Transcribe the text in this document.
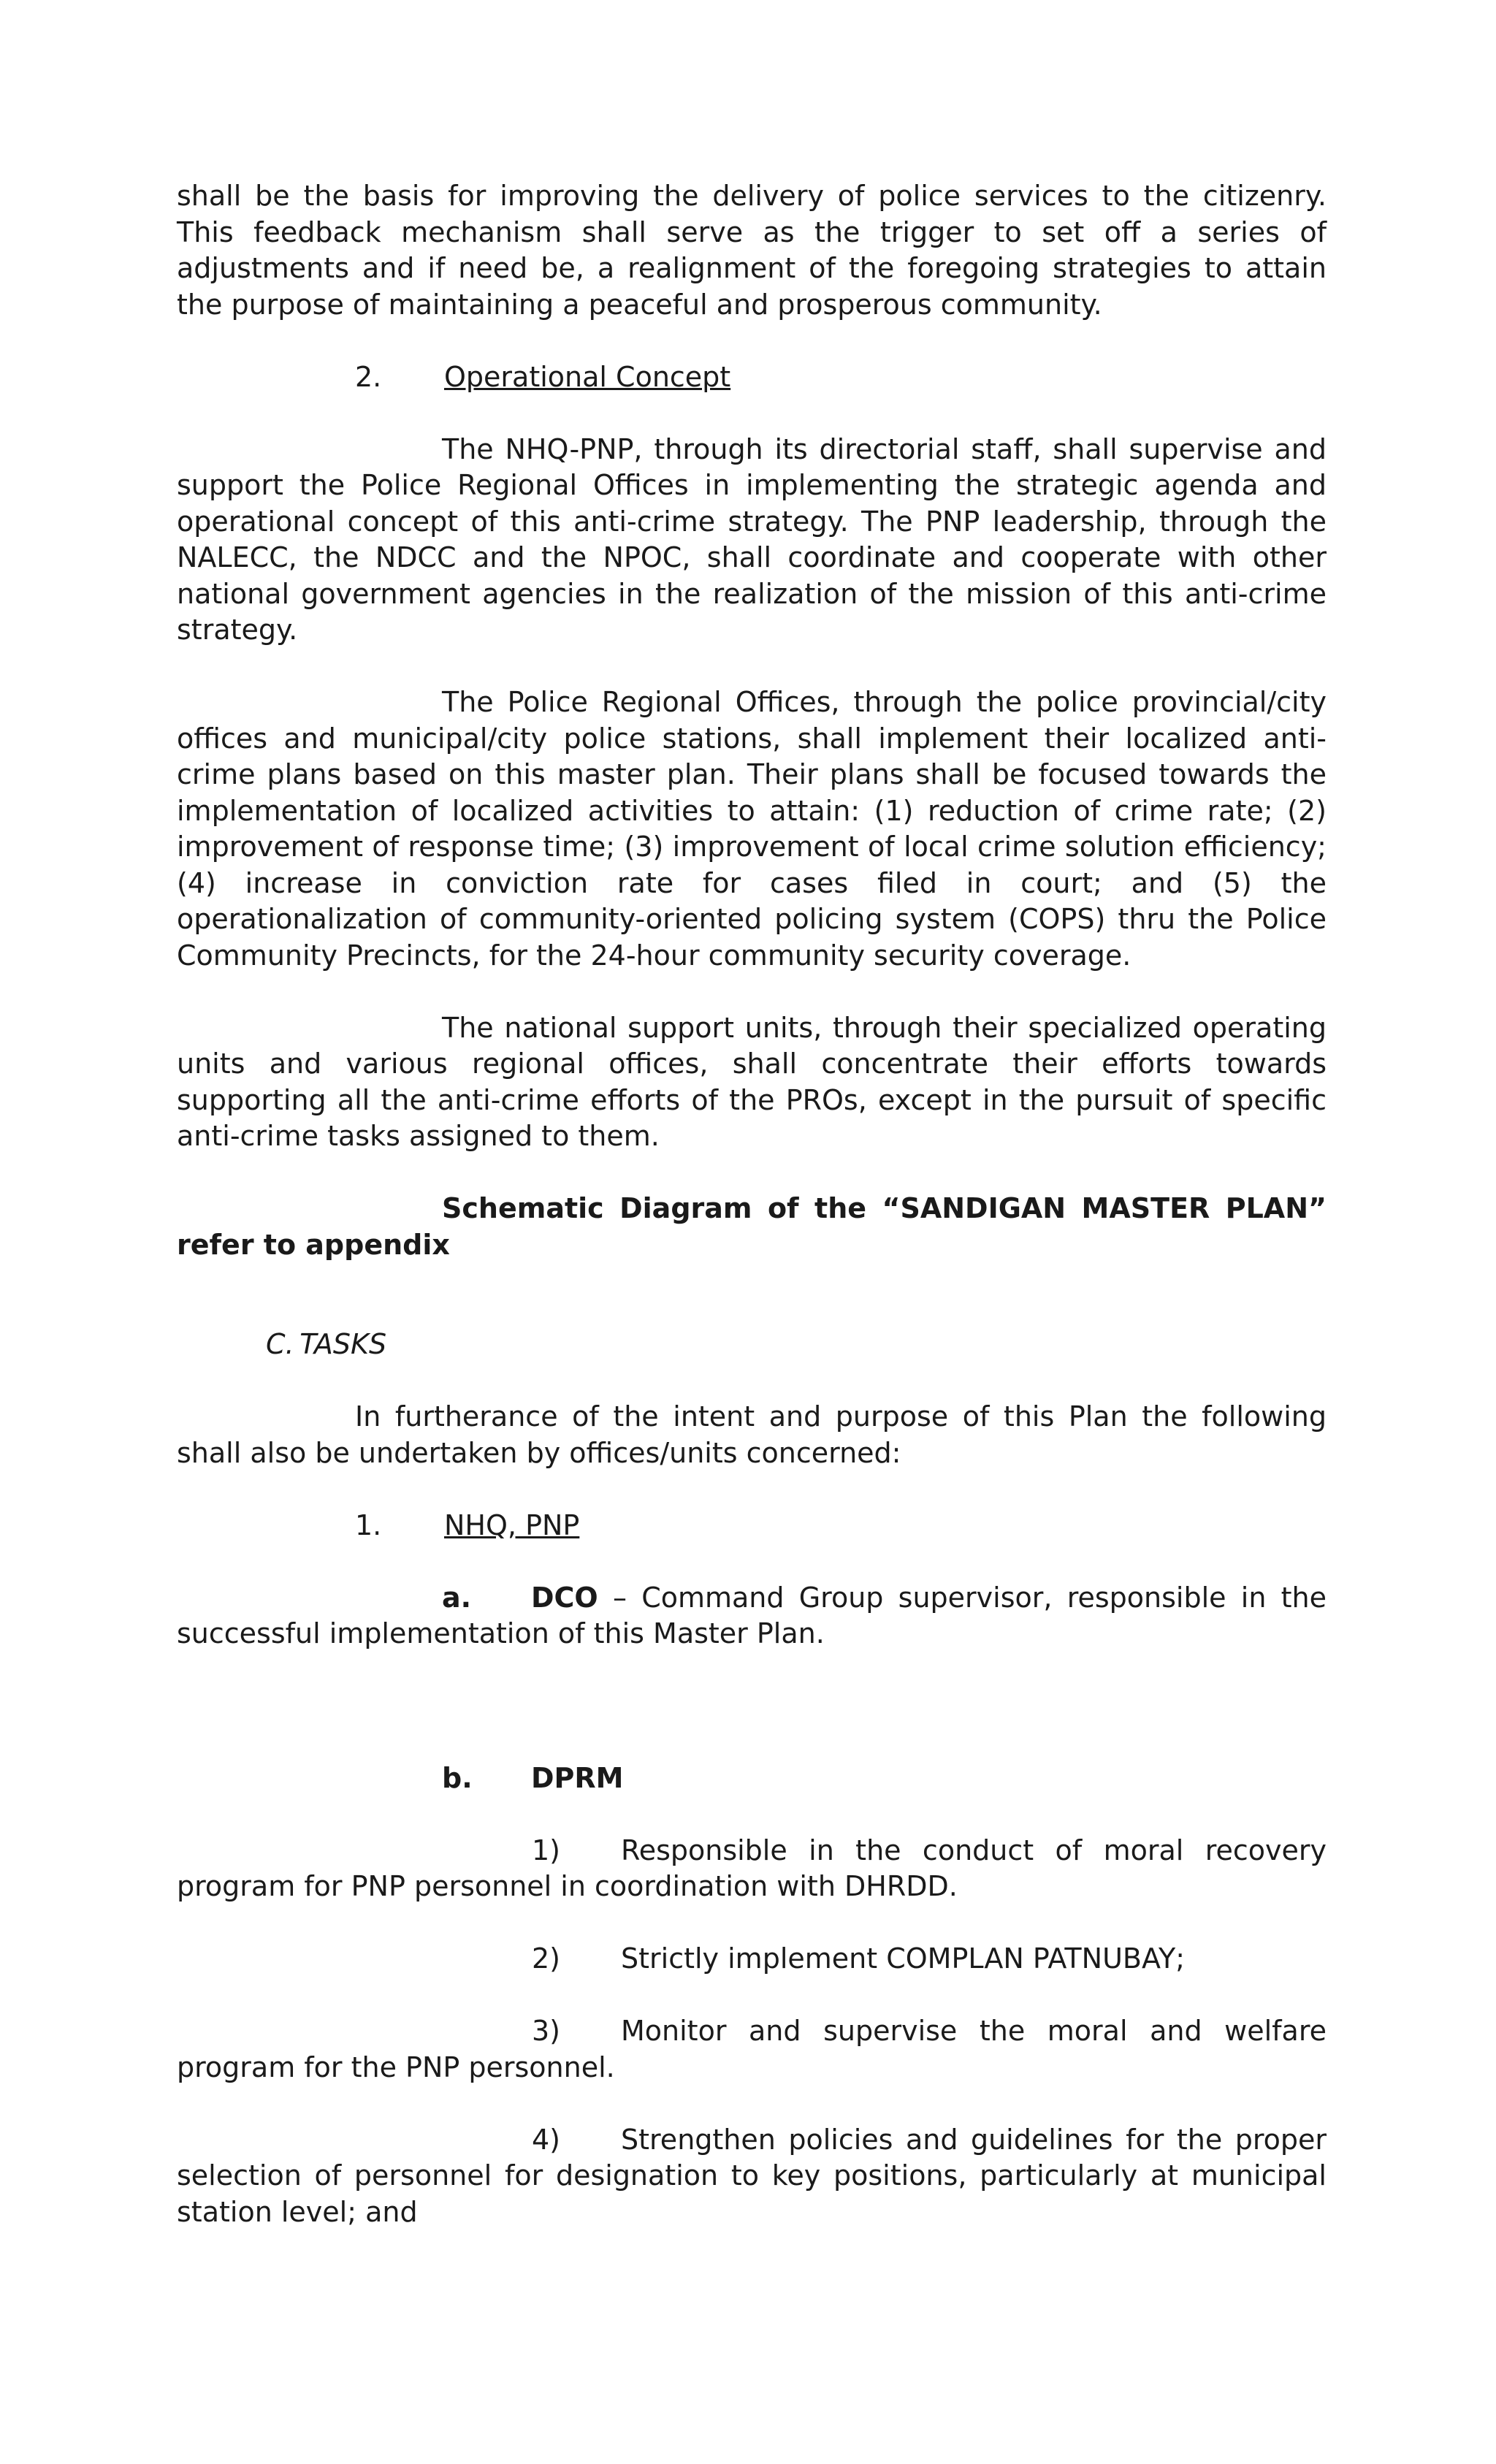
shall be the basis for improving the delivery of police services to the citizenry. This feedback mechanism shall serve as the trigger to set off a series of adjustments and if need be, a realignment of the foregoing strategies to attain the purpose of maintaining a peaceful and prosperous community.

2.	Operational Concept

The NHQ-PNP, through its directorial staff, shall supervise and support the Police Regional Offices in implementing the strategic agenda and operational concept of this anti-crime strategy. The PNP leadership, through the NALECC, the NDCC and the NPOC, shall coordinate and cooperate with other national government agencies in the realization of the mission of this anti-crime strategy.

The Police Regional Offices, through the police provincial/city offices and municipal/city police stations, shall implement their localized anti-crime plans based on this master plan. Their plans shall be focused towards the implementation of localized activities to attain: (1) reduction of crime rate; (2) improvement of response time; (3) improvement of local crime solution efficiency; (4) increase in conviction rate for cases filed in court; and (5) the operationalization of community-oriented policing system (COPS) thru the Police Community Precincts, for the 24-hour community security coverage.

The national support units, through their specialized operating units and various regional offices, shall concentrate their efforts towards supporting all the anti-crime efforts of the PROs, except in the pursuit of specific anti-crime tasks assigned to them.

Schematic Diagram of the “SANDIGAN MASTER PLAN” refer to appendix

C. TASKS

In furtherance of the intent and purpose of this Plan the following shall also be undertaken by offices/units concerned:

1.	NHQ, PNP

a. DCO – Command Group supervisor, responsible in the successful implementation of this Master Plan.

b. DPRM

1) Responsible in the conduct of moral recovery program for PNP personnel in coordination with DHRDD.

2) Strictly implement COMPLAN PATNUBAY;

3) Monitor and supervise the moral and welfare program for the PNP personnel.

4) Strengthen policies and guidelines for the proper selection of personnel for designation to key positions, particularly at municipal station level; and
